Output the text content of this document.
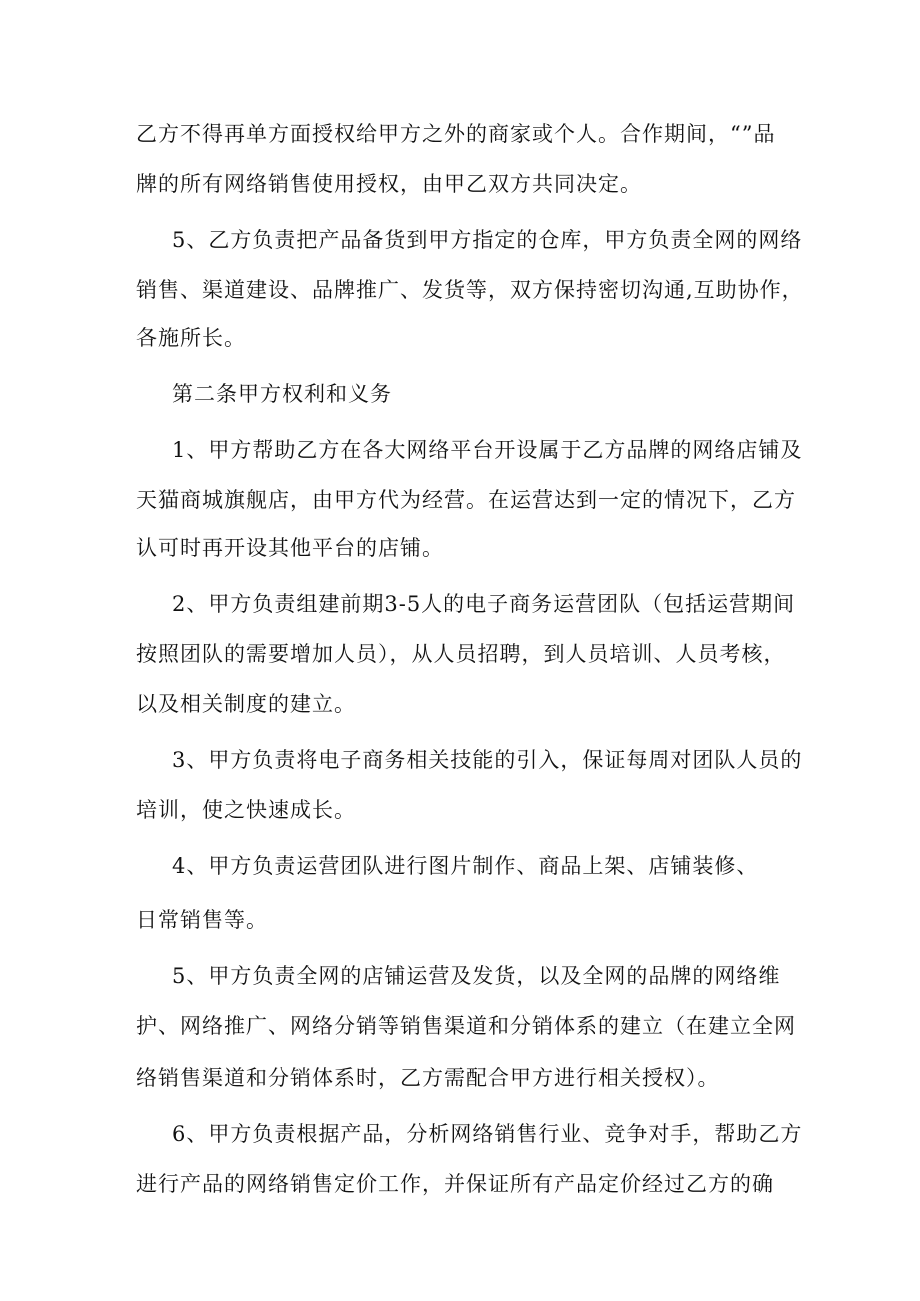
乙方不得再单方面授权给甲方之外的商家或个人。合作期间，“”品
牌的所有网络销售使用授权，由甲乙双方共同决定。
5、乙方负责把产品备货到甲方指定的仓库，甲方负责全网的网络
销售、渠道建设、品牌推广、发货等，双方保持密切沟通,互助协作，
各施所长。
第二条甲方权利和义务
1、甲方帮助乙方在各大网络平台开设属于乙方品牌的网络店铺及
天猫商城旗舰店，由甲方代为经营。在运营达到一定的情况下，乙方
认可时再开设其他平台的店铺。
2、甲方负责组建前期3-5人的电子商务运营团队（包括运营期间
按照团队的需要增加人员），从人员招聘，到人员培训、人员考核，
以及相关制度的建立。
3、甲方负责将电子商务相关技能的引入，保证每周对团队人员的
培训，使之快速成长。
4、甲方负责运营团队进行图片制作、商品上架、店铺装修、
日常销售等。
5、甲方负责全网的店铺运营及发货，以及全网的品牌的网络维
护、网络推广、网络分销等销售渠道和分销体系的建立（在建立全网
络销售渠道和分销体系时，乙方需配合甲方进行相关授权）。
6、甲方负责根据产品，分析网络销售行业、竞争对手，帮助乙方
进行产品的网络销售定价工作，并保证所有产品定价经过乙方的确
